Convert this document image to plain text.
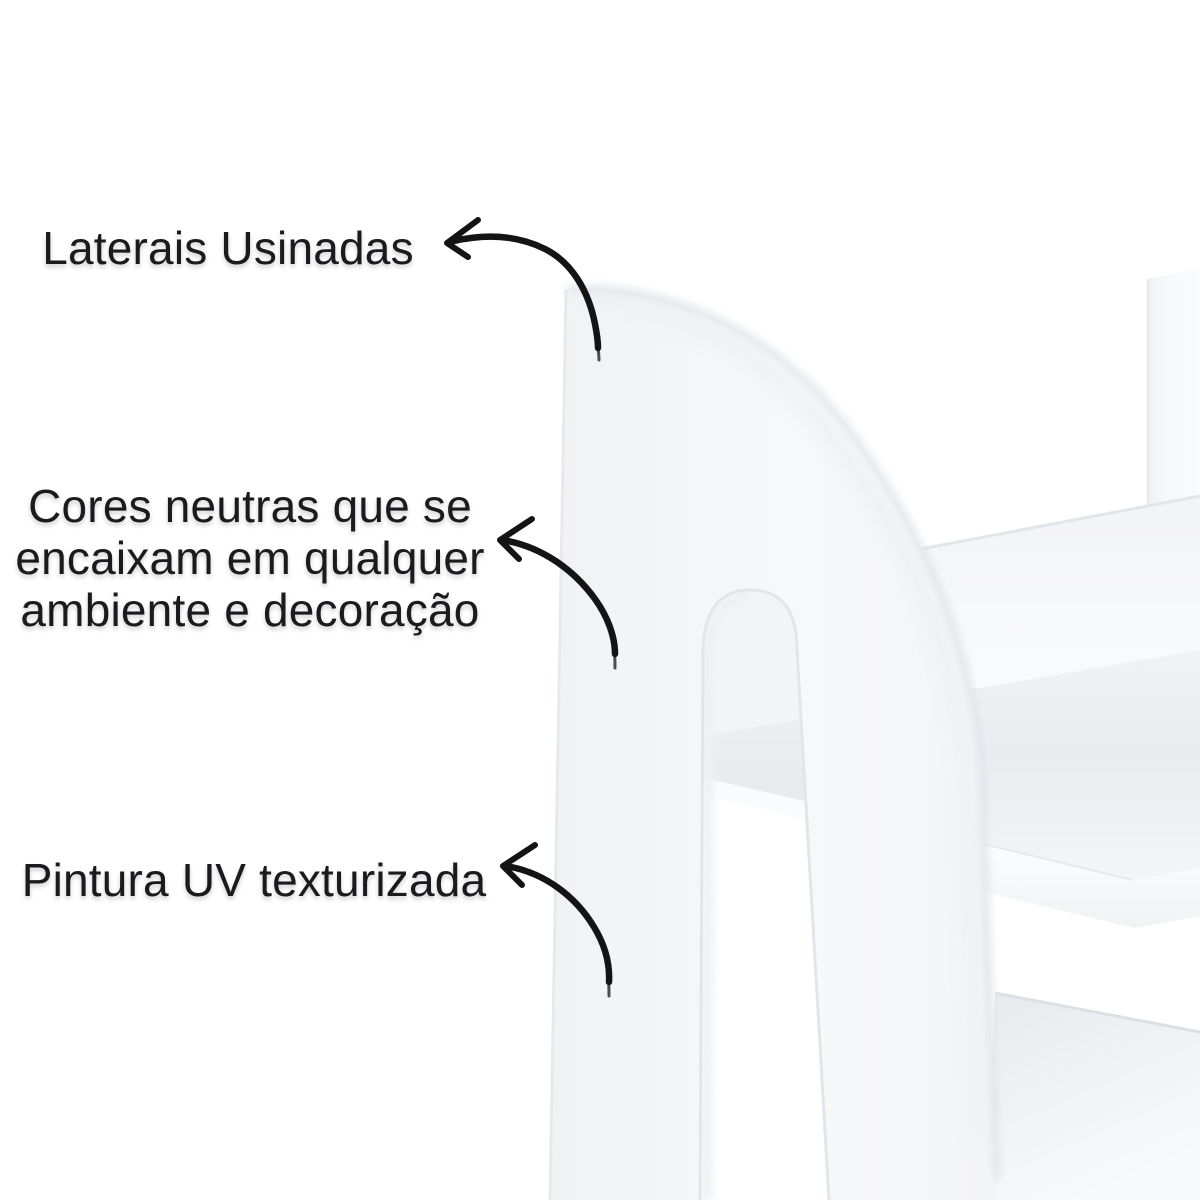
Laterais Usinadas
Cores neutras que se
encaixam em qualquer
ambiente e decoração
Pintura UV texturizada
